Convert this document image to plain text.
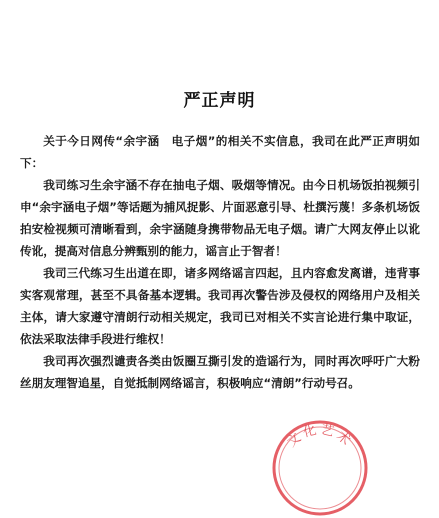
严正声明

关于今日网传“余宇涵　电子烟”的相关不实信息，我司在此严正声明如下：

我司练习生余宇涵不存在抽电子烟、吸烟等情况。由今日机场饭拍视频引申“余宇涵电子烟”等话题为捕风捉影、片面恶意引导、杜撰污蔑！多条机场饭拍安检视频可清晰看到，余宇涵随身携带物品无电子烟。请广大网友停止以讹传讹，提高对信息分辨甄别的能力，谣言止于智者！

我司三代练习生出道在即，诸多网络谣言四起，且内容愈发离谱，违背事实客观常理，甚至不具备基本逻辑。我司再次警告涉及侵权的网络用户及相关主体，请大家遵守清朗行动相关规定，我司已对相关不实言论进行集中取证，依法采取法律手段进行维权！

我司再次强烈谴责各类由饭圈互撕引发的造谣行为，同时再次呼吁广大粉丝朋友理智追星，自觉抵制网络谣言，积极响应“清朗”行动号召。

文化艺术
